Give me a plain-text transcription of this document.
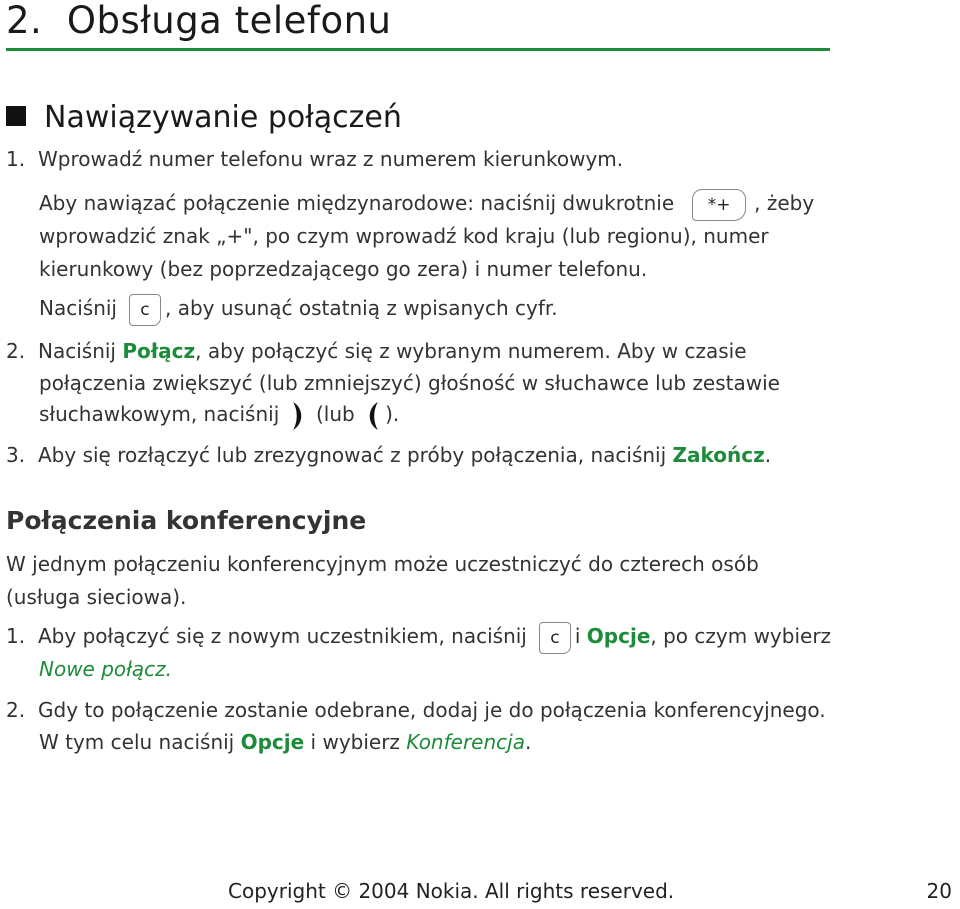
2. Obsługa telefonu
Nawiązywanie połączeń
1. Wprowadź numer telefonu wraz z numerem kierunkowym.
Aby nawiązać połączenie międzynarodowe: naciśnij dwukrotnie *+ , żeby
wprowadzić znak „+", po czym wprowadź kod kraju (lub regionu), numer
kierunkowy (bez poprzedzającego go zera) i numer telefonu.
Naciśnij c , aby usunąć ostatnią z wpisanych cyfr.
2. Naciśnij Połącz, aby połączyć się z wybranym numerem. Aby w czasie
połączenia zwiększyć (lub zmniejszyć) głośność w słuchawce lub zestawie
słuchawkowym, naciśnij (lub ).
3. Aby się rozłączyć lub zrezygnować z próby połączenia, naciśnij Zakończ.
Połączenia konferencyjne
W jednym połączeniu konferencyjnym może uczestniczyć do czterech osób
(usługa sieciowa).
1. Aby połączyć się z nowym uczestnikiem, naciśnij c i Opcje, po czym wybierz
Nowe połącz.
2. Gdy to połączenie zostanie odebrane, dodaj je do połączenia konferencyjnego.
W tym celu naciśnij Opcje i wybierz Konferencja.
Copyright © 2004 Nokia. All rights reserved.	20
